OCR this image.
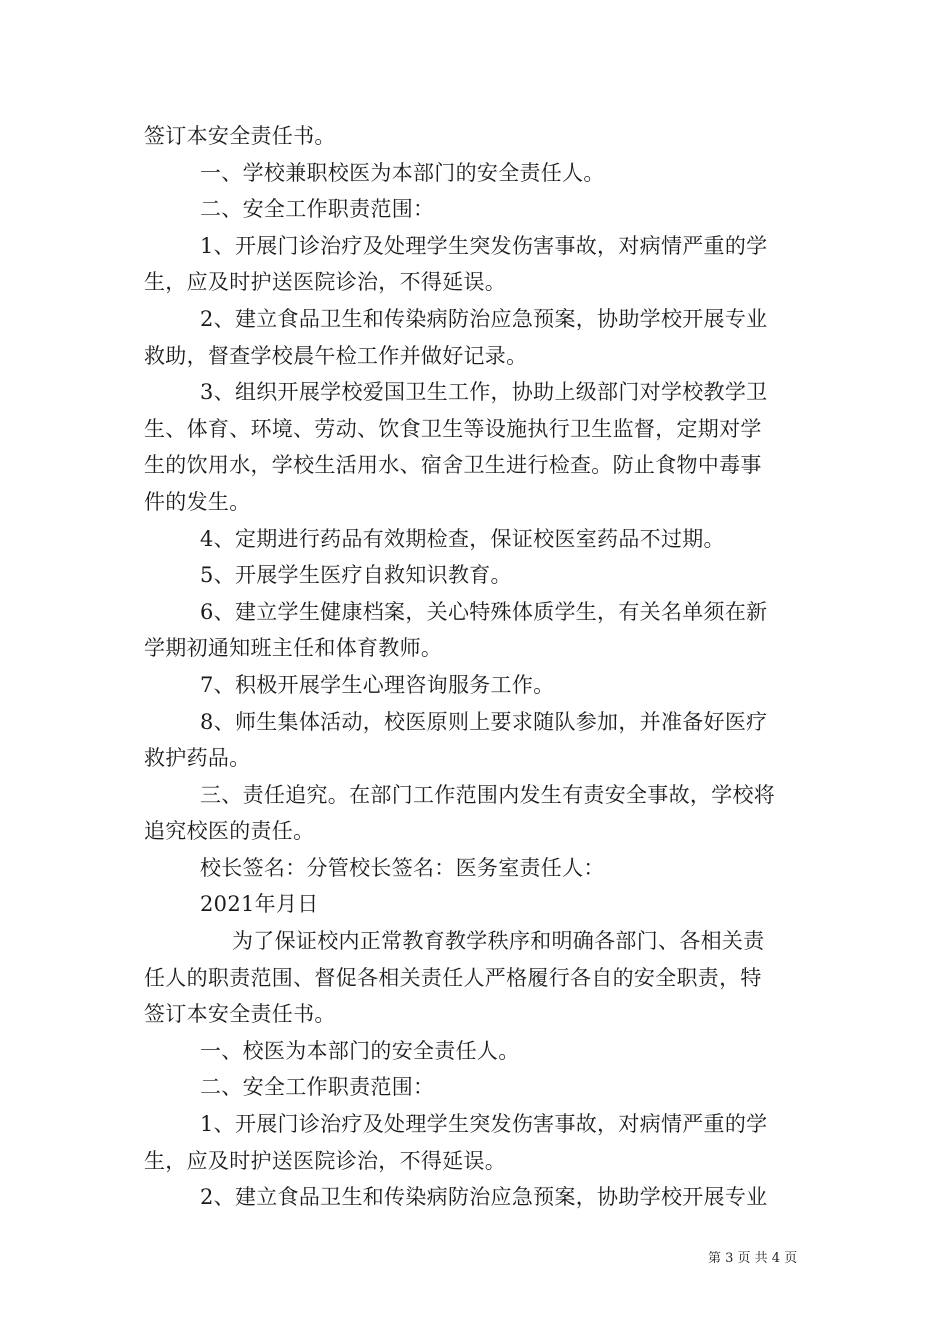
签订本安全责任书。
一、学校兼职校医为本部门的安全责任人。
二、安全工作职责范围：
1、开展门诊治疗及处理学生突发伤害事故，对病情严重的学
生，应及时护送医院诊治，不得延误。
2、建立食品卫生和传染病防治应急预案，协助学校开展专业
救助，督查学校晨午检工作并做好记录。
3、组织开展学校爱国卫生工作，协助上级部门对学校教学卫
生、体育、环境、劳动、饮食卫生等设施执行卫生监督，定期对学
生的饮用水，学校生活用水、宿舍卫生进行检查。防止食物中毒事
件的发生。
4、定期进行药品有效期检查，保证校医室药品不过期。
5、开展学生医疗自救知识教育。
6、建立学生健康档案，关心特殊体质学生，有关名单须在新
学期初通知班主任和体育教师。
7、积极开展学生心理咨询服务工作。
8、师生集体活动，校医原则上要求随队参加，并准备好医疗
救护药品。
三、责任追究。在部门工作范围内发生有责安全事故，学校将
追究校医的责任。
校长签名：分管校长签名：医务室责任人：
2021年月日
为了保证校内正常教育教学秩序和明确各部门、各相关责
任人的职责范围、督促各相关责任人严格履行各自的安全职责，特
签订本安全责任书。
一、校医为本部门的安全责任人。
二、安全工作职责范围：
1、开展门诊治疗及处理学生突发伤害事故，对病情严重的学
生，应及时护送医院诊治，不得延误。
2、建立食品卫生和传染病防治应急预案，协助学校开展专业
第 3 页 共 4 页
